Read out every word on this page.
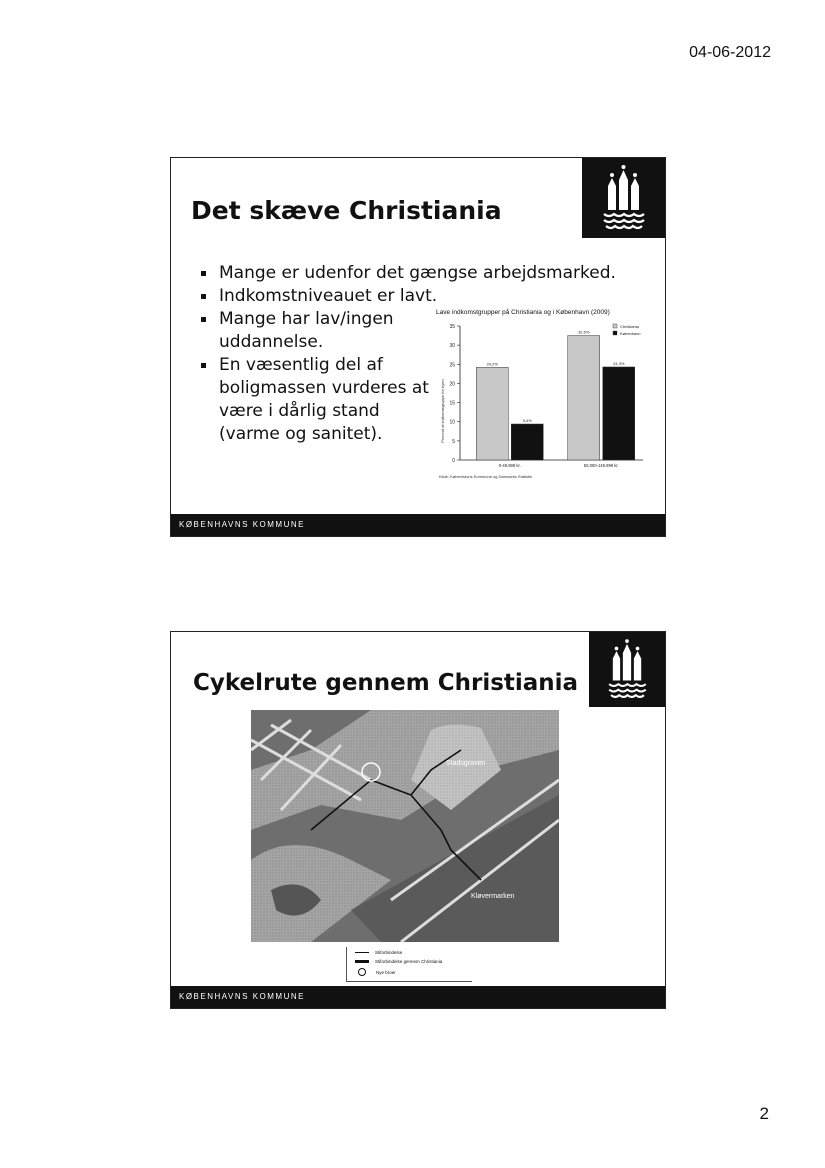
04-06-2012
Det skæve Christiania
Mange er udenfor det gængse arbejdsmarked.
Indkomstniveauet er lavt.
Mange har lav/ingen uddannelse.
En væsentlig del af boligmassen vurderes at være i dårlig stand (varme og sanitet).
Lave indkomstgrupper på Christiania og i København (2009)
Procent af indkomstgruppe for byen
0
5
10
15
20
25
30
35
24,2%
9,4%
0-49.999 kr.
32,5%
24,3%
50.000-149.999 kr.
Christiania
København
Kilde: Københavns Kommune og Danmarks Statistik
KØBENHAVNS KOMMUNE
Cykelrute gennem Christiania
Stadsgraven
Kløvermarken
Stiforbindelse
Stiforbindelse gennem Christiania
Nye broer
KØBENHAVNS KOMMUNE
2
